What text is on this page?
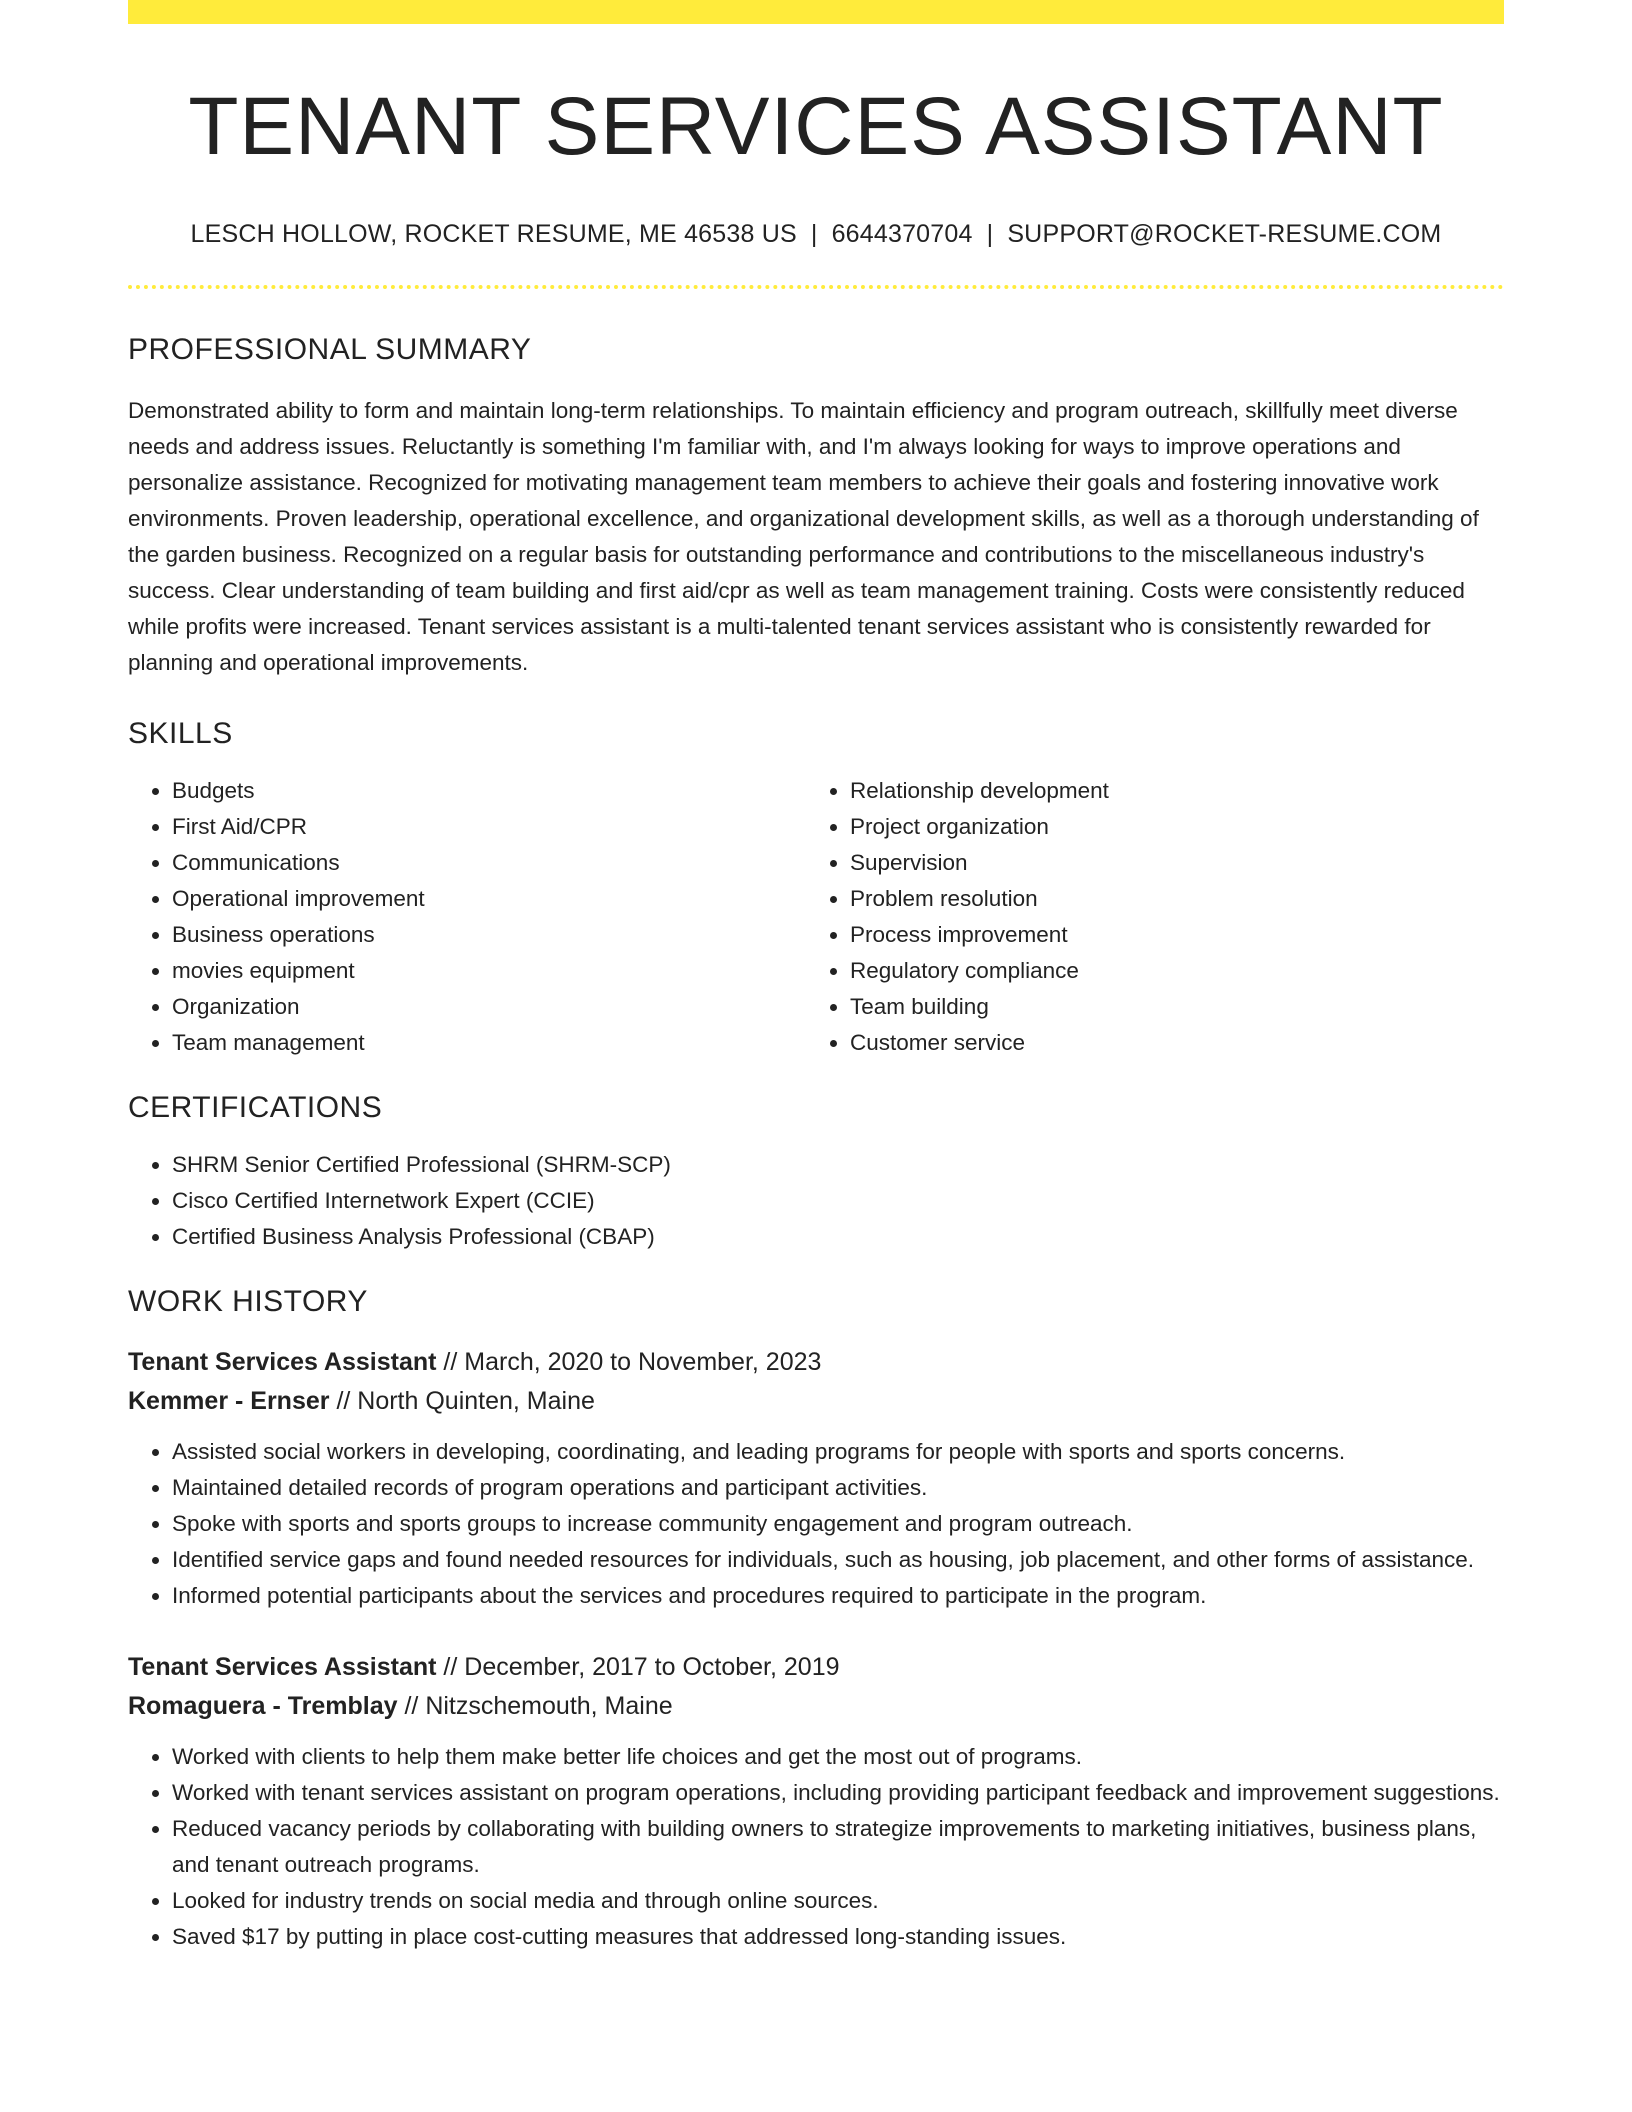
TENANT SERVICES ASSISTANT
LESCH HOLLOW, ROCKET RESUME, ME 46538 US | 6644370704 | SUPPORT@ROCKET-RESUME.COM
PROFESSIONAL SUMMARY

Demonstrated ability to form and maintain long-term relationships. To maintain efficiency and program outreach, skillfully meet diverse needs and address issues. Reluctantly is something I'm familiar with, and I'm always looking for ways to improve operations and personalize assistance. Recognized for motivating management team members to achieve their goals and fostering innovative work environments. Proven leadership, operational excellence, and organizational development skills, as well as a thorough understanding of the garden business. Recognized on a regular basis for outstanding performance and contributions to the miscellaneous industry's success. Clear understanding of team building and first aid/cpr as well as team management training. Costs were consistently reduced while profits were increased. Tenant services assistant is a multi-talented tenant services assistant who is consistently rewarded for planning and operational improvements.

SKILLS
• Budgets
• First Aid/CPR
• Communications
• Operational improvement
• Business operations
• movies equipment
• Organization
• Team management
• Relationship development
• Project organization
• Supervision
• Problem resolution
• Process improvement
• Regulatory compliance
• Team building
• Customer service
CERTIFICATIONS
• SHRM Senior Certified Professional (SHRM-SCP)
• Cisco Certified Internetwork Expert (CCIE)
• Certified Business Analysis Professional (CBAP)
WORK HISTORY
Tenant Services Assistant // March, 2020 to November, 2023
Kemmer - Ernser // North Quinten, Maine
• Assisted social workers in developing, coordinating, and leading programs for people with sports and sports concerns.
• Maintained detailed records of program operations and participant activities.
• Spoke with sports and sports groups to increase community engagement and program outreach.
• Identified service gaps and found needed resources for individuals, such as housing, job placement, and other forms of assistance.
• Informed potential participants about the services and procedures required to participate in the program.
Tenant Services Assistant // December, 2017 to October, 2019
Romaguera - Tremblay // Nitzschemouth, Maine
• Worked with clients to help them make better life choices and get the most out of programs.
• Worked with tenant services assistant on program operations, including providing participant feedback and improvement suggestions.
• Reduced vacancy periods by collaborating with building owners to strategize improvements to marketing initiatives, business plans, and tenant outreach programs.
• Looked for industry trends on social media and through online sources.
• Saved $17 by putting in place cost-cutting measures that addressed long-standing issues.
